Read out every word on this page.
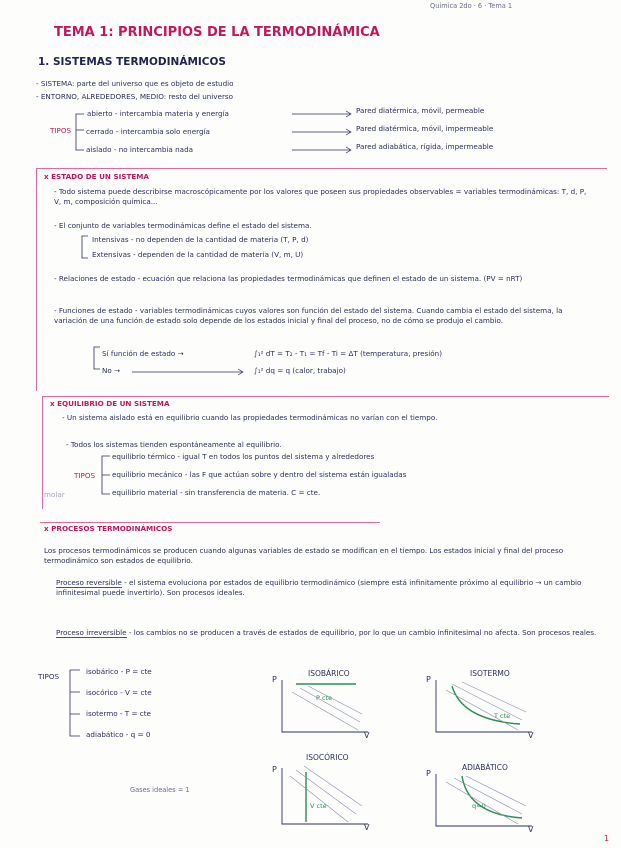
Química 2do · 6 · Tema 1
TEMA 1: PRINCIPIOS DE LA TERMODINÁMICA
1. SISTEMAS TERMODINÁMICOS
- SISTEMA: parte del universo que es objeto de estudio
- ENTORNO, ALREDEDORES, MEDIO: resto del universo
TIPOS
abierto - intercambia materia y energía
cerrado - intercambia solo energía
aislado - no intercambia nada
Pared diatérmica, móvil, permeable
Pared diatérmica, móvil, impermeable
Pared adiabática, rígida, impermeable
x ESTADO DE UN SISTEMA
- Todo sistema puede describirse macroscópicamente por los valores que poseen sus propiedades observables = variables termodinámicas: T, d, P, V, m, composición química...
- El conjunto de variables termodinámicas define el estado del sistema.
Intensivas - no dependen de la cantidad de materia (T, P, d)
Extensivas - dependen de la cantidad de materia (V, m, U)
- Relaciones de estado - ecuación que relaciona las propiedades termodinámicas que definen el estado de un sistema. (PV = nRT)
- Funciones de estado - variables termodinámicas cuyos valores son función del estado del sistema. Cuando cambia el estado del sistema, la variación de una función de estado solo depende de los estados inicial y final del proceso, no de cómo se produjo el cambio.
Sí función de estado →	∫₁² dT = T₂ - T₁ = Tf - Ti = ΔT (temperatura, presión)
No →	∫₁² dq = q (calor, trabajo)
x EQUILIBRIO DE UN SISTEMA
- Un sistema aislado está en equilibrio cuando las propiedades termodinámicas no varían con el tiempo.
- Todos los sistemas tienden espontáneamente al equilibrio.
TIPOS
equilibrio térmico - igual T en todos los puntos del sistema y alrededores
equilibrio mecánico - las F que actúan sobre y dentro del sistema están igualadas
equilibrio material - sin transferencia de materia. C = cte.
molar
x PROCESOS TERMODINÁMICOS
Los procesos termodinámicos se producen cuando algunas variables de estado se modifican en el tiempo. Los estados inicial y final del proceso termodinámico son estados de equilibrio.
Proceso reversible - el sistema evoluciona por estados de equilibrio termodinámico (siempre está infinitamente próximo al equilibrio → un cambio infinitesimal puede invertirlo). Son procesos ideales.
Proceso irreversible - los cambios no se producen a través de estados de equilibrio, por lo que un cambio infinitesimal no afecta. Son procesos reales.
TIPOS
isobárico - P = cte
isocórico - V = cte
isotermo - T = cte
adiabático - q = 0
Gases ideales = 1
P
V
ISOBÁRICO
P cte
P
V
ISOTERMO
T cte
P
V
ISOCÓRICO
V cte
P
V
ADIABÁTICO
q=0
1
